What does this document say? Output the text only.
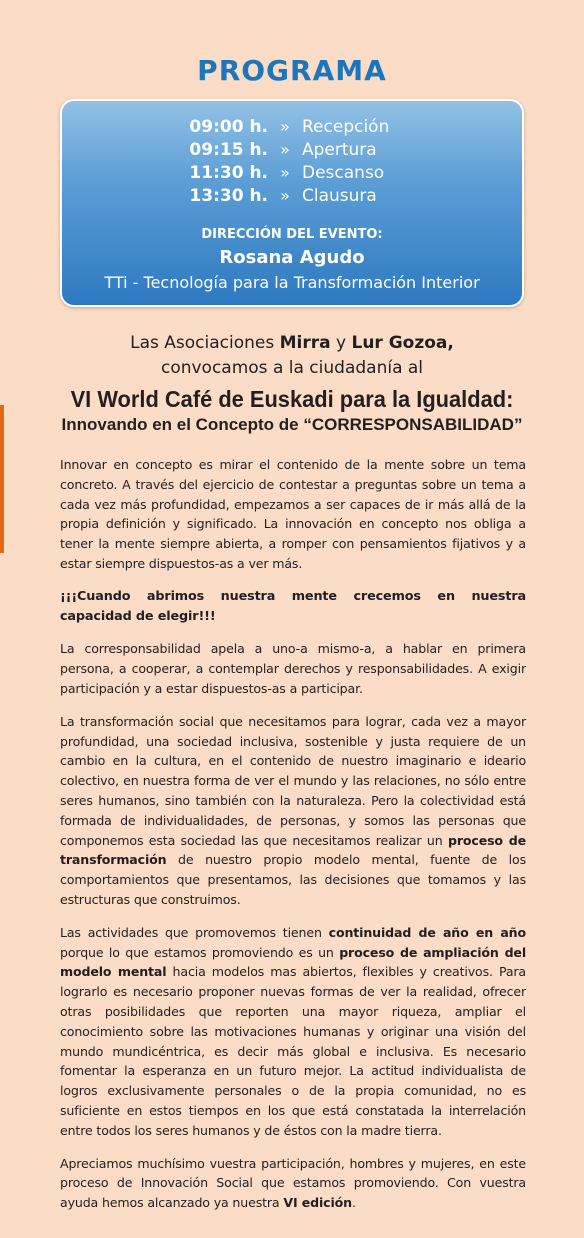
PROGRAMA
09:00 h. » Recepción
09:15 h. » Apertura
11:30 h. » Descanso
13:30 h. » Clausura
DIRECCIÓN DEL EVENTO:
Rosana Agudo
TTi - Tecnología para la Transformación Interior
Las Asociaciones Mirra y Lur Gozoa,
convocamos a la ciudadanía al
VI World Café de Euskadi para la Igualdad:
Innovando en el Concepto de “CORRESPONSABILIDAD”

Innovar en concepto es mirar el contenido de la mente sobre un tema concreto. A través del ejercicio de contestar a preguntas sobre un tema a cada vez más profundidad, empezamos a ser capaces de ir más allá de la propia definición y significado. La innovación en concepto nos obliga a tener la mente siempre abierta, a romper con pensamientos fijativos y a estar siempre dispuestos-as a ver más.

¡¡¡Cuando abrimos nuestra mente crecemos en nuestra capacidad de elegir!!!

La corresponsabilidad apela a uno-a mismo-a, a hablar en primera persona, a cooperar, a contemplar derechos y responsabilidades. A exigir participación y a estar dispuestos-as a participar.

La transformación social que necesitamos para lograr, cada vez a mayor profundidad, una sociedad inclusiva, sostenible y justa requiere de un cambio en la cultura, en el contenido de nuestro imaginario e ideario colectivo, en nuestra forma de ver el mundo y las relaciones, no sólo entre seres humanos, sino también con la naturaleza. Pero la colectividad está formada de individualidades, de personas, y somos las personas que componemos esta sociedad las que necesitamos realizar un proceso de transformación de nuestro propio modelo mental, fuente de los comportamientos que presentamos, las decisiones que tomamos y las estructuras que construimos.

Las actividades que promovemos tienen continuidad de año en año porque lo que estamos promoviendo es un proceso de ampliación del modelo mental hacia modelos mas abiertos, flexibles y creativos. Para lograrlo es necesario proponer nuevas formas de ver la realidad, ofrecer otras posibilidades que reporten una mayor riqueza, ampliar el conocimiento sobre las motivaciones humanas y originar una visión del mundo mundicéntrica, es decir más global e inclusiva. Es necesario fomentar la esperanza en un futuro mejor. La actitud individualista de logros exclusivamente personales o de la propia comunidad, no es suficiente en estos tiempos en los que está constatada la interrelación entre todos los seres humanos y de éstos con la madre tierra.

Apreciamos muchísimo vuestra participación, hombres y mujeres, en este proceso de Innovación Social que estamos promoviendo. Con vuestra ayuda hemos alcanzado ya nuestra VI edición.
